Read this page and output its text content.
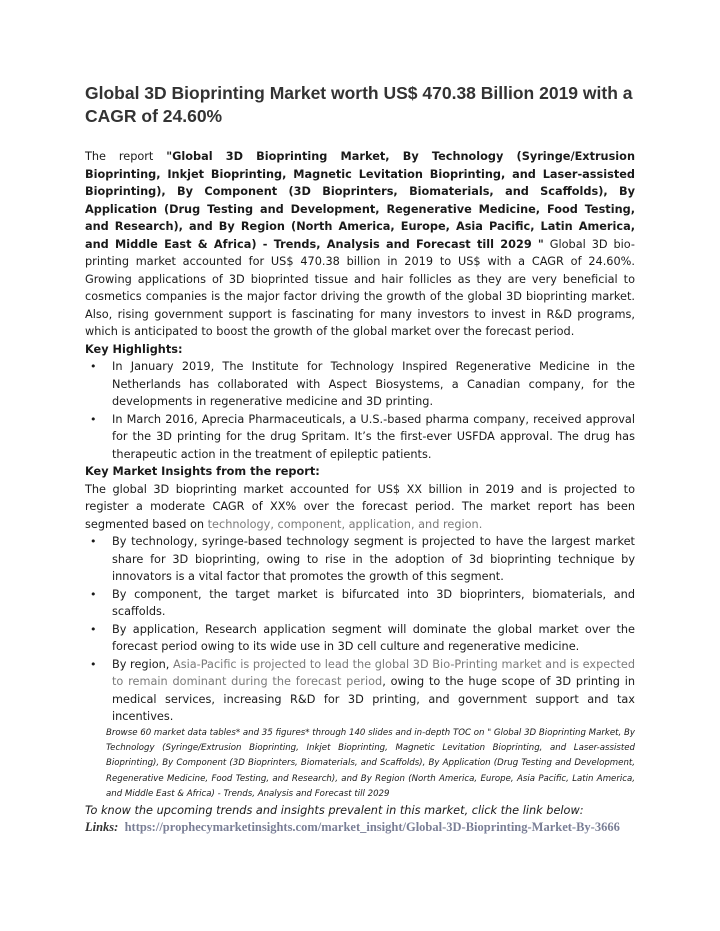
Global 3D Bioprinting Market worth US$ 470.38 Billion 2019 with a CAGR of 24.60%

The report "Global 3D Bioprinting Market, By Technology (Syringe/Extrusion Bioprinting, Inkjet Bioprinting, Magnetic Levitation Bioprinting, and Laser-assisted Bioprinting), By Component (3D Bioprinters, Biomaterials, and Scaffolds), By Application (Drug Testing and Development, Regenerative Medicine, Food Testing, and Research), and By Region (North America, Europe, Asia Pacific, Latin America, and Middle East & Africa) - Trends, Analysis and Forecast till 2029 " Global 3D bio-printing market accounted for US$ 470.38 billion in 2019 to US$ with a CAGR of 24.60%. Growing applications of 3D bioprinted tissue and hair follicles as they are very beneficial to cosmetics companies is the major factor driving the growth of the global 3D bioprinting market. Also, rising government support is fascinating for many investors to invest in R&D programs, which is anticipated to boost the growth of the global market over the forecast period.

Key Highlights:

• In January 2019, The Institute for Technology Inspired Regenerative Medicine in the Netherlands has collaborated with Aspect Biosystems, a Canadian company, for the developments in regenerative medicine and 3D printing.
• In March 2016, Aprecia Pharmaceuticals, a U.S.-based pharma company, received approval for the 3D printing for the drug Spritam. It’s the first-ever USFDA approval. The drug has therapeutic action in the treatment of epileptic patients.

Key Market Insights from the report:

The global 3D bioprinting market accounted for US$ XX billion in 2019 and is projected to register a moderate CAGR of XX% over the forecast period. The market report has been segmented based on technology, component, application, and region.

• By technology, syringe-based technology segment is projected to have the largest market share for 3D bioprinting, owing to rise in the adoption of 3d bioprinting technique by innovators is a vital factor that promotes the growth of this segment.
• By component, the target market is bifurcated into 3D bioprinters, biomaterials, and scaffolds.
• By application, Research application segment will dominate the global market over the forecast period owing to its wide use in 3D cell culture and regenerative medicine.
• By region, Asia-Pacific is projected to lead the global 3D Bio-Printing market and is expected to remain dominant during the forecast period, owing to the huge scope of 3D printing in medical services, increasing R&D for 3D printing, and government support and tax incentives.

Browse 60 market data tables* and 35 figures* through 140 slides and in-depth TOC on " Global 3D Bioprinting Market, By Technology (Syringe/Extrusion Bioprinting, Inkjet Bioprinting, Magnetic Levitation Bioprinting, and Laser-assisted Bioprinting), By Component (3D Bioprinters, Biomaterials, and Scaffolds), By Application (Drug Testing and Development, Regenerative Medicine, Food Testing, and Research), and By Region (North America, Europe, Asia Pacific, Latin America, and Middle East & Africa) - Trends, Analysis and Forecast till 2029

To know the upcoming trends and insights prevalent in this market, click the link below:

Links: https://prophecymarketinsights.com/market_insight/Global-3D-Bioprinting-Market-By-3666
